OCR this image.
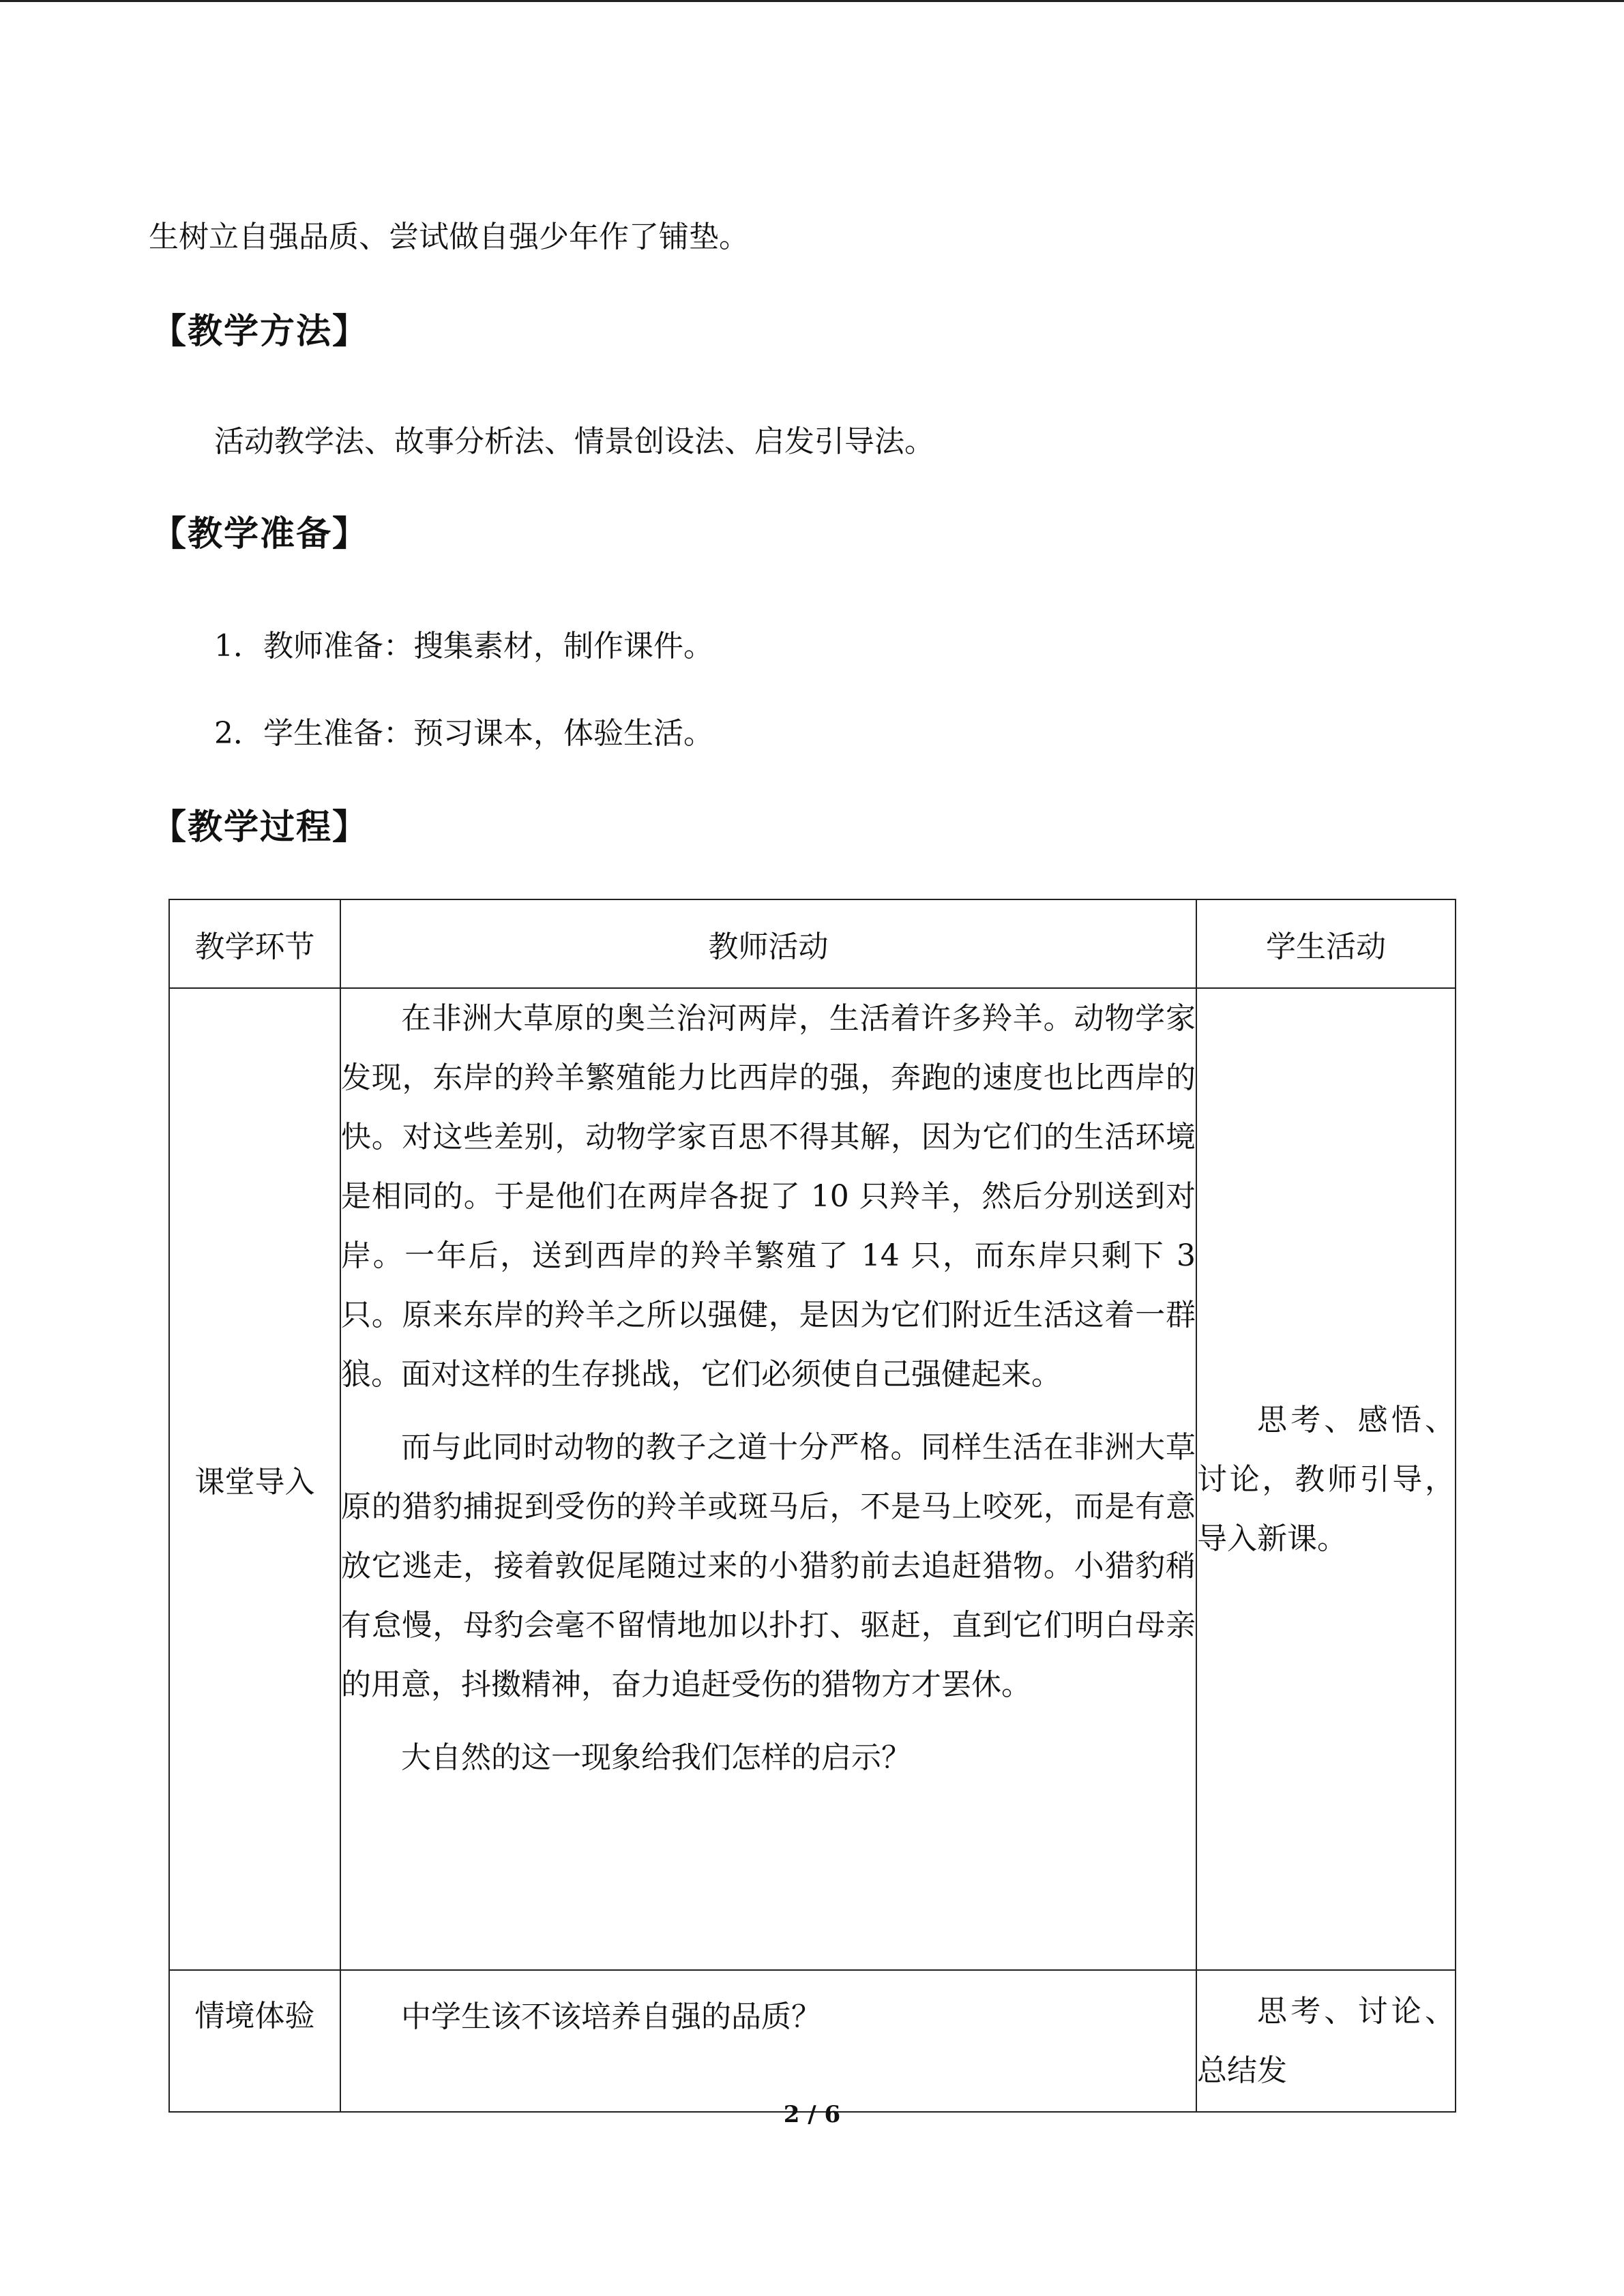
生树立自强品质、尝试做自强少年作了铺垫。
【教学方法】
活动教学法、故事分析法、情景创设法、启发引导法。
【教学准备】
1．教师准备：搜集素材，制作课件。
2．学生准备：预习课本，体验生活。
【教学过程】
教学环节	教师活动	学生活动
课堂导入	在非洲大草原的奥兰治河两岸，生活着许多羚羊。动物学家发现，东岸的羚羊繁殖能力比西岸的强，奔跑的速度也比西岸的快。对这些差别，动物学家百思不得其解，因为它们的生活环境是相同的。于是他们在两岸各捉了 10 只羚羊，然后分别送到对岸。一年后，送到西岸的羚羊繁殖了 14 只，而东岸只剩下 3 只。原来东岸的羚羊之所以强健，是因为它们附近生活这着一群狼。面对这样的生存挑战，它们必须使自己强健起来。

而与此同时动物的教子之道十分严格。同样生活在非洲大草原的猎豹捕捉到受伤的羚羊或斑马后，不是马上咬死，而是有意放它逃走，接着敦促尾随过来的小猎豹前去追赶猎物。小猎豹稍有怠慢，母豹会毫不留情地加以扑打、驱赶，直到它们明白母亲的用意，抖擞精神，奋力追赶受伤的猎物方才罢休。

大自然的这一现象给我们怎样的启示？	思考、感悟、讨论，教师引导，导入新课。

情境体验	中学生该不该培养自强的品质？	思考、讨论、总结发

2 / 6
